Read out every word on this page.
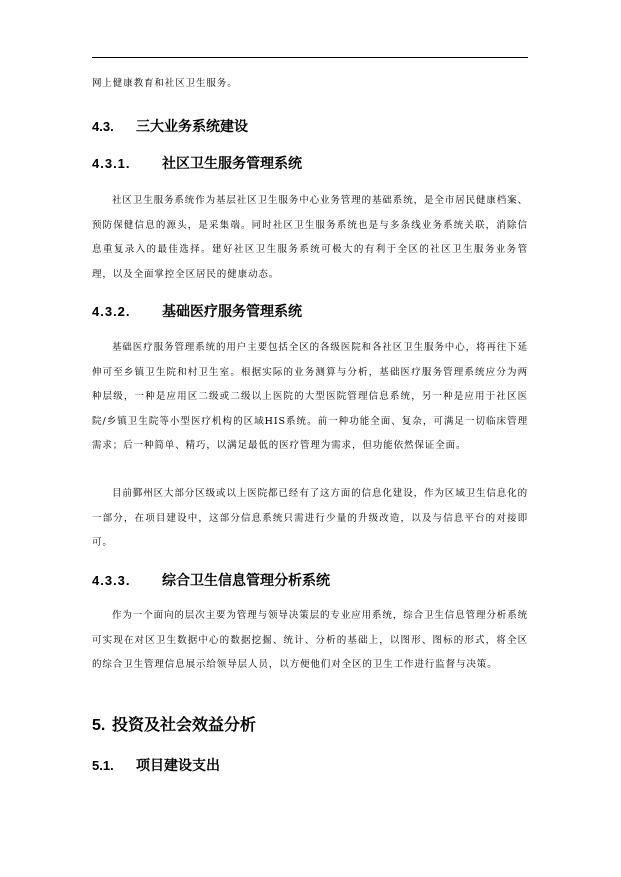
网上健康教育和社区卫生服务。

4.3. 三大业务系统建设
4.3.1. 社区卫生服务管理系统

社区卫生服务系统作为基层社区卫生服务中心业务管理的基础系统，是全市居民健康档案、预防保健信息的源头，是采集端。同时社区卫生服务系统也是与多条线业务系统关联，消除信息重复录入的最佳选择。建好社区卫生服务系统可极大的有利于全区的社区卫生服务业务管理，以及全面掌控全区居民的健康动态。

4.3.2. 基础医疗服务管理系统

基础医疗服务管理系统的用户主要包括全区的各级医院和各社区卫生服务中心，将再往下延伸可至乡镇卫生院和村卫生室。根据实际的业务测算与分析，基础医疗服务管理系统应分为两种层级，一种是应用区二级或二级以上医院的大型医院管理信息系统，另一种是应用于社区医院/乡镇卫生院等小型医疗机构的区域HIS系统。前一种功能全面、复杂，可满足一切临床管理需求；后一种简单、精巧，以满足最低的医疗管理为需求，但功能依然保证全面。

目前鄞州区大部分区级或以上医院都已经有了这方面的信息化建设，作为区域卫生信息化的一部分，在项目建设中，这部分信息系统只需进行少量的升级改造，以及与信息平台的对接即可。

4.3.3. 综合卫生信息管理分析系统

作为一个面向的层次主要为管理与领导决策层的专业应用系统，综合卫生信息管理分析系统可实现在对区卫生数据中心的数据挖掘、统计、分析的基础上，以图形、图标的形式，将全区的综合卫生管理信息展示给领导层人员，以方便他们对全区的卫生工作进行监督与决策。

5. 投资及社会效益分析
5.1. 项目建设支出
